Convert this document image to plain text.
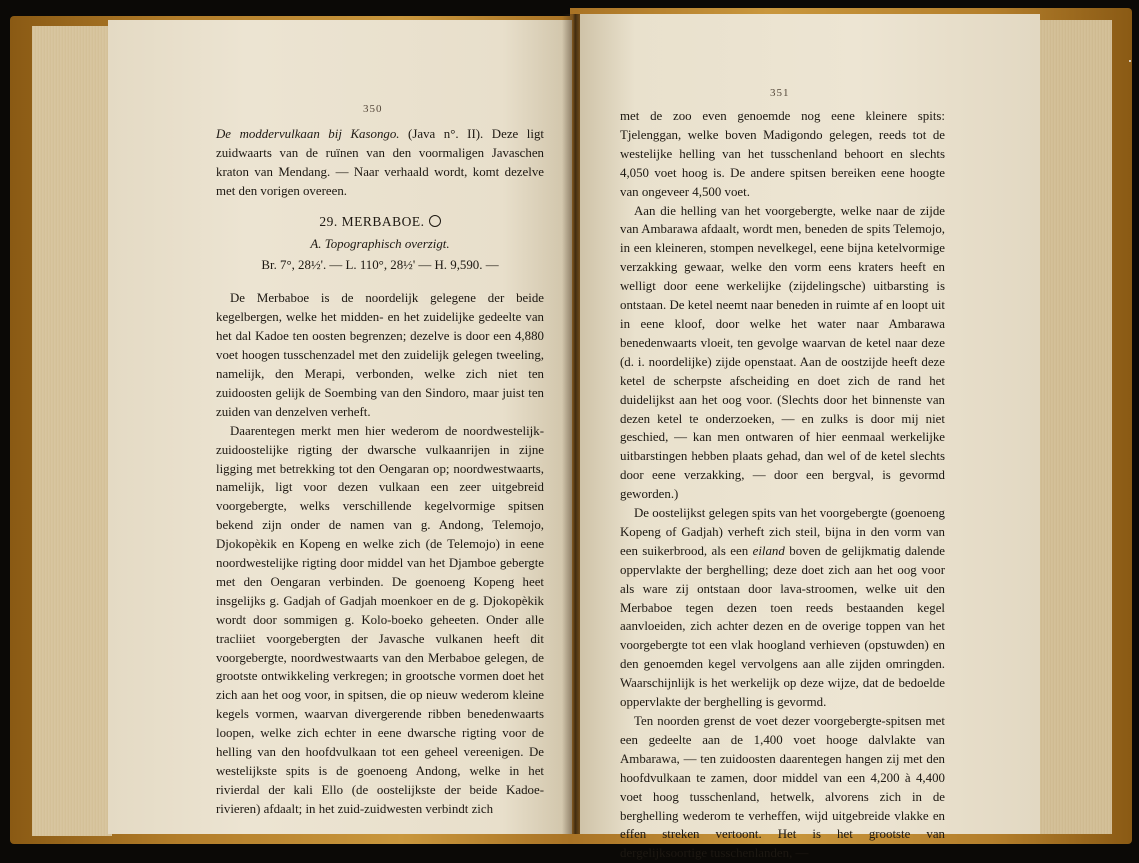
350

De moddervulkaan bij Kasongo. (Java n°. II). Deze ligt zuidwaarts van de ruïnen van den voormaligen Javaschen kraton van Mendang. — Naar verhaald wordt, komt dezelve met den vorigen overeen.

29. MERBABOE.

A. Topographisch overzigt.

Br. 7°, 28½'. — L. 110°, 28½' — H. 9,590. —

De Merbaboe is de noordelijk gelegene der beide kegelbergen, welke het midden- en het zuidelijke gedeelte van het dal Kadoe ten oosten begrenzen; dezelve is door een 4,880 voet hoogen tusschenzadel met den zuidelijk gelegen tweeling, namelijk, den Merapi, verbonden, welke zich niet ten zuidoosten gelijk de Soembing van den Sindoro, maar juist ten zuiden van denzelven verheft.

Daarentegen merkt men hier wederom de noordwestelijk-zuidoostelijke rigting der dwarsche vulkaanrijen in zijne ligging met betrekking tot den Oengaran op; noordwestwaarts, namelijk, ligt voor dezen vulkaan een zeer uitgebreid voorgebergte, welks verschillende kegelvormige spitsen bekend zijn onder de namen van g. Andong, Telemojo, Djokopèkik en Kopeng en welke zich (de Telemojo) in eene noordwestelijke rigting door middel van het Djamboe gebergte met den Oengaran verbinden. De goenoeng Kopeng heet insgelijks g. Gadjah of Gadjah moenkoer en de g. Djokopèkik wordt door sommigen g. Kolo-boeko geheeten. Onder alle tracliiet voorgebergten der Javasche vulkanen heeft dit voorgebergte, noordwestwaarts van den Merbaboe gelegen, de grootste ontwikkeling verkregen; in grootsche vormen doet het zich aan het oog voor, in spitsen, die op nieuw wederom kleine kegels vormen, waarvan divergerende ribben benedenwaarts loopen, welke zich echter in eene dwarsche rigting voor de helling van den hoofdvulkaan tot een geheel vereenigen. De westelijkste spits is de goenoeng Andong, welke in het rivierdal der kali Ello (de oostelijkste der beide Kadoe-rivieren) afdaalt; in het zuid-zuidwesten verbindt zich

351

met de zoo even genoemde nog eene kleinere spits: Tjelenggan, welke boven Madigondo gelegen, reeds tot de westelijke helling van het tusschenland behoort en slechts 4,050 voet hoog is. De andere spitsen bereiken eene hoogte van ongeveer 4,500 voet.

Aan die helling van het voorgebergte, welke naar de zijde van Ambarawa afdaalt, wordt men, beneden de spits Telemojo, in een kleineren, stompen nevelkegel, eene bijna ketelvormige verzakking gewaar, welke den vorm eens kraters heeft en welligt door eene werkelijke (zijdelingsche) uitbarsting is ontstaan. De ketel neemt naar beneden in ruimte af en loopt uit in eene kloof, door welke het water naar Ambarawa benedenwaarts vloeit, ten gevolge waarvan de ketel naar deze (d. i. noordelijke) zijde openstaat. Aan de oostzijde heeft deze ketel de scherpste afscheiding en doet zich de rand het duidelijkst aan het oog voor. (Slechts door het binnenste van dezen ketel te onderzoeken, — en zulks is door mij niet geschied, — kan men ontwaren of hier eenmaal werkelijke uitbarstingen hebben plaats gehad, dan wel of de ketel slechts door eene verzakking, — door een bergval, is gevormd geworden.)

De oostelijkst gelegen spits van het voorgebergte (goenoeng Kopeng of Gadjah) verheft zich steil, bijna in den vorm van een suikerbrood, als een eiland boven de gelijkmatig dalende oppervlakte der berghelling; deze doet zich aan het oog voor als ware zij ontstaan door lava-stroomen, welke uit den Merbaboe tegen dezen toen reeds bestaanden kegel aanvloeiden, zich achter dezen en de overige toppen van het voorgebergte tot een vlak hoogland verhieven (opstuwden) en den genoemden kegel vervolgens aan alle zijden omringden. Waarschijnlijk is het werkelijk op deze wijze, dat de bedoelde oppervlakte der berghelling is gevormd.

Ten noorden grenst de voet dezer voorgebergte-spitsen met een gedeelte aan de 1,400 voet hooge dalvlakte van Ambarawa, — ten zuidoosten daarentegen hangen zij met den hoofdvulkaan te zamen, door middel van een 4,200 à 4,400 voet hoog tusschenland, hetwelk, alvorens zich in de berghelling wederom te verheffen, wijd uitgebreide vlakke en effen streken vertoont. Het is het grootste van dergelijksoortige tusschenlanden, —
